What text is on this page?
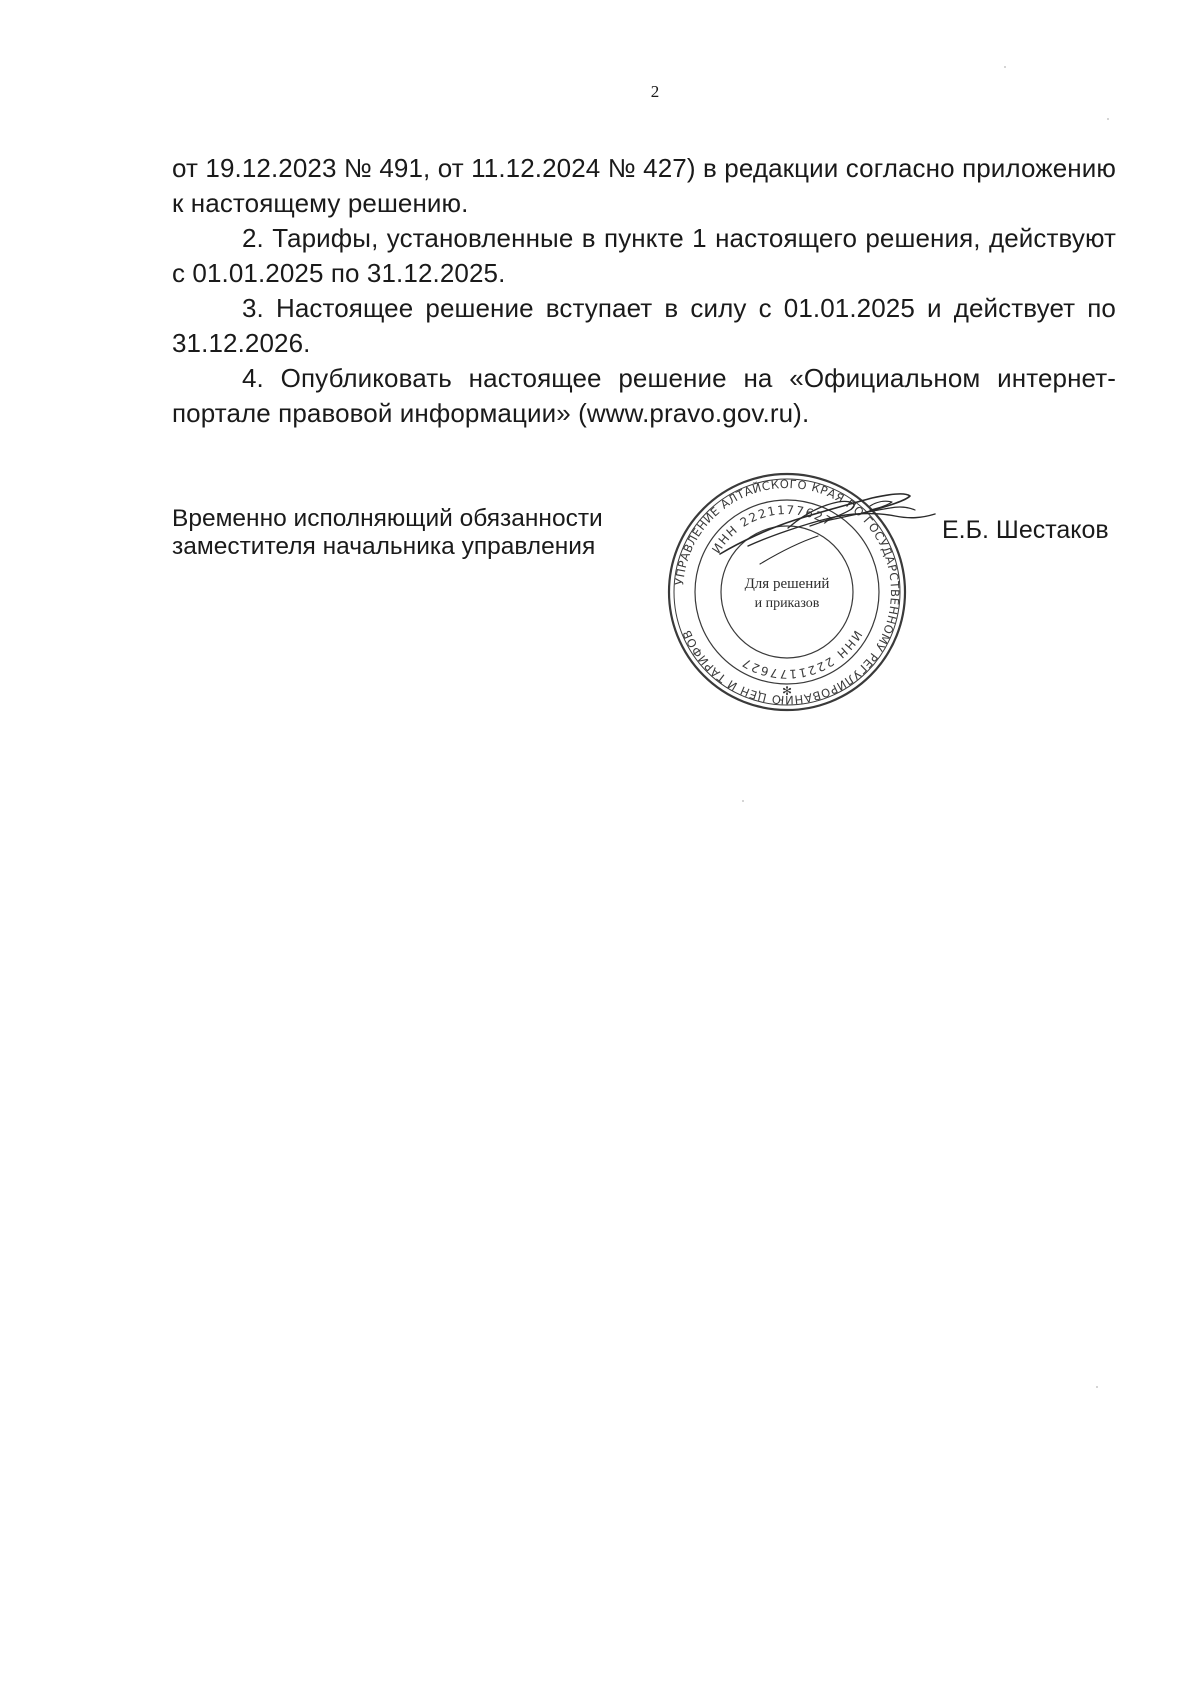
2

от 19.12.2023 № 491, от 11.12.2024 № 427) в редакции согласно приложению к настоящему решению.

2. Тарифы, установленные в пункте 1 настоящего решения, действуют с 01.01.2025 по 31.12.2025.

3. Настоящее решение вступает в силу с 01.01.2025 и действует по 31.12.2026.

4. Опубликовать настоящее решение на «Официальном интернет- портале правовой информации» (www.pravo.gov.ru).

Временно исполняющий обязанности
заместителя начальника управления
УПРАВЛЕНИЕ АЛТАЙСКОГО КРАЯ ПО ГОСУДАРСТВЕННОМУ РЕГУЛИРОВАНИЮ ЦЕН И ТАРИФОВ
ИНН 2221177627
ИНН 2221177627
Для решений
и приказов
✻
Е.Б. Шестаков
